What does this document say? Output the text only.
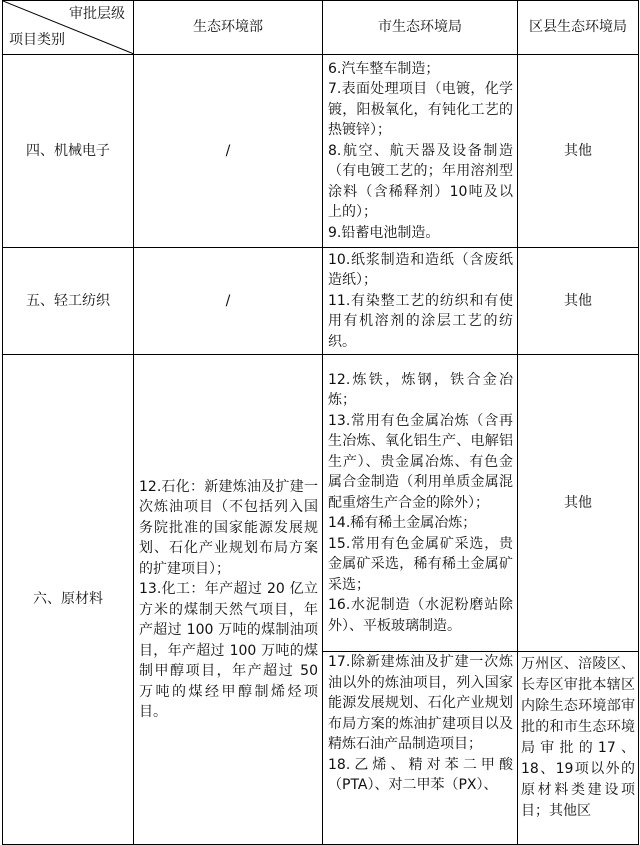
审批层级
项目类别	生态环境部	市生态环境局	区县生态环境局
四、机械电子	/	6.汽车整车制造；
7.表面处理项目（电镀，化学镀，阳极氧化，有钝化工艺的热镀锌）；
8.航空、航天器及设备制造（有电镀工艺的；年用溶剂型涂料（含稀释剂）10吨及以上的）；
9.铅蓄电池制造。	其他
五、轻工纺织	/	10.纸浆制造和造纸（含废纸造纸）；
11.有染整工艺的纺织和有使用有机溶剂的涂层工艺的纺织。	其他
六、原材料	12.石化：新建炼油及扩建一次炼油项目（不包括列入国务院批准的国家能源发展规划、石化产业规划布局方案的扩建项目）；
13.化工：年产超过 20 亿立方米的煤制天然气项目，年产超过 100 万吨的煤制油项目，年产超过 100 万吨的煤制甲醇项目，年产超过 50 万吨的煤经甲醇制烯烃项目。	12.炼铁，炼钢，铁合金冶炼；
13.常用有色金属冶炼（含再生冶炼、氧化铝生产、电解铝生产）、贵金属冶炼、有色金属合金制造（利用单质金属混配重熔生产合金的除外）；
14.稀有稀土金属冶炼；
15.常用有色金属矿采选，贵金属矿采选，稀有稀土金属矿采选；
16.水泥制造（水泥粉磨站除外）、平板玻璃制造。	其他

		17.除新建炼油及扩建一次炼油以外的炼油项目，列入国家能源发展规划、石化产业规划布局方案的炼油扩建项目以及精炼石油产品制造项目；
18.乙烯、精对苯二甲酸（PTA）、对二甲苯（PX）、	万州区、涪陵区、长寿区审批本辖区内除生态环境部审批的和市生态环境局审批的17、18、19项以外的原材料类建设项目；其他区
